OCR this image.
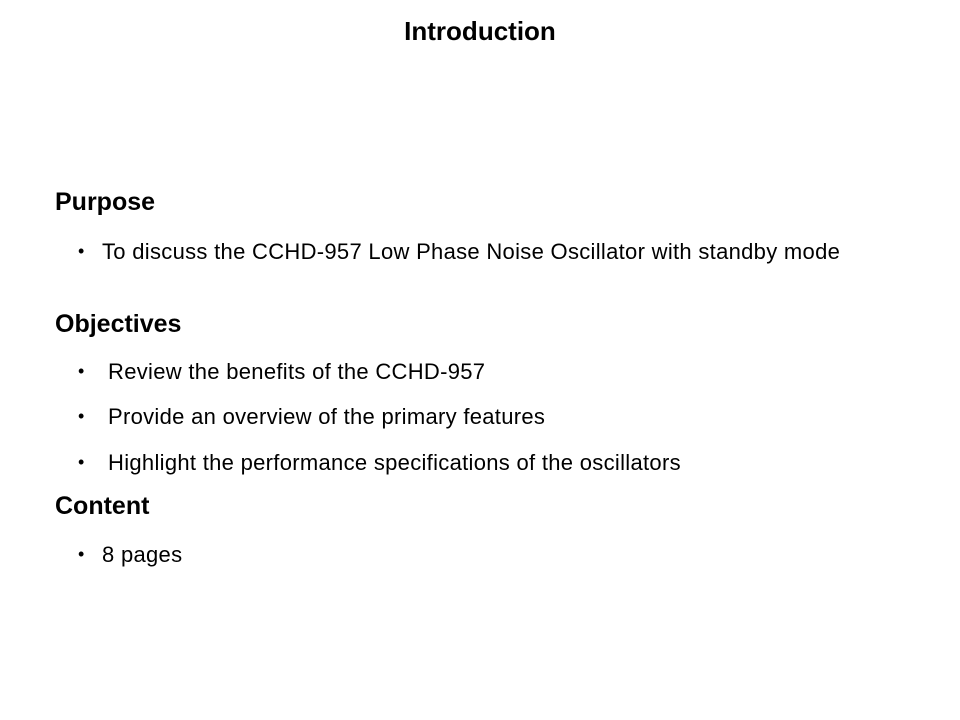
Introduction
Purpose
• To discuss the CCHD-957 Low Phase Noise Oscillator with standby mode
Objectives
• Review the benefits of the CCHD-957
• Provide an overview of the primary features
• Highlight the performance specifications of the oscillators
Content
• 8 pages
